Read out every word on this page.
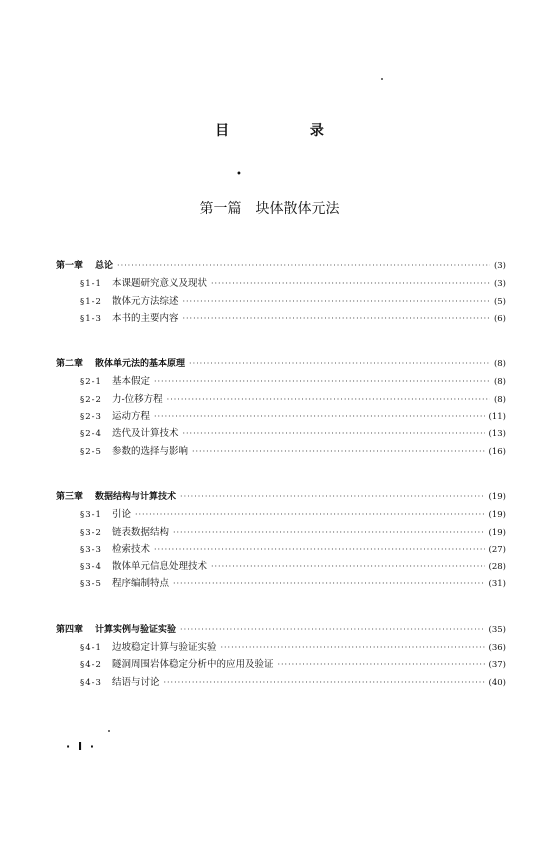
目 录
•
第一篇　块体散体元法
第一章 总论 ·····	(3)
§1-1 本课题研究意义及现状 ·····	(3)
§1-2 散体元方法综述 ·····	(5)
§1-3 本书的主要内容 ·····	(6)
第二章 散体单元法的基本原理 ·····	(8)
§2-1 基本假定 ·····	(8)
§2-2 力-位移方程 ·····	(8)
§2-3 运动方程 ·····	(11)
§2-4 迭代及计算技术 ·····	(13)
§2-5 参数的选择与影响 ·····	(16)
第三章 数据结构与计算技术 ·····	(19)
§3-1 引论 ·····	(19)
§3-2 链表数据结构 ·····	(19)
§3-3 检索技术 ·····	(27)
§3-4 散体单元信息处理技术 ·····	(28)
§3-5 程序编制特点 ·····	(31)
第四章 计算实例与验证实验 ·····	(35)
§4-1 边坡稳定计算与验证实验 ·····	(36)
§4-2 隧洞周围岩体稳定分析中的应用及验证 ·····	(37)
§4-3 结语与讨论 ·····	(40)
· I ·
